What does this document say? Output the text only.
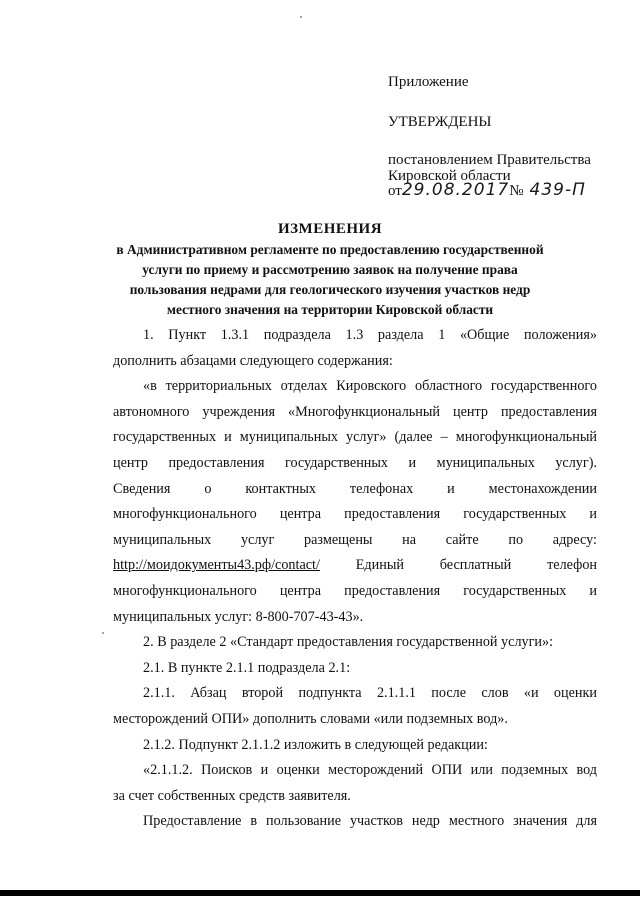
Приложение
УТВЕРЖДЕНЫ
постановлением Правительства
Кировской области
от 29.08.2017 № 439-П
ИЗМЕНЕНИЯ
в Административном регламенте по предоставлению государственной
услуги по приему и рассмотрению заявок на получение права
пользования недрами для геологического изучения участков недр
местного значения на территории Кировской области

1. Пункт 1.3.1 подраздела 1.3 раздела 1 «Общие положения»

дополнить абзацами следующего содержания:

«в территориальных отделах Кировского областного государственного

автономного учреждения «Многофункциональный центр предоставления

государственных и муниципальных услуг» (далее – многофункциональный

центр предоставления государственных и муниципальных услуг).

Сведения о контактных телефонах и местонахождении

многофункционального центра предоставления государственных и

муниципальных услуг размещены на сайте по адресу:

http://моидокументы43.рф/contact/	Единый бесплатный телефон

многофункционального центра предоставления государственных и

муниципальных услуг: 8-800-707-43-43».

2. В разделе 2 «Стандарт предоставления государственной услуги»:

2.1. В пункте 2.1.1 подраздела 2.1:

2.1.1. Абзац второй подпункта 2.1.1.1 после слов «и оценки

месторождений ОПИ» дополнить словами «или подземных вод».

2.1.2. Подпункт 2.1.1.2 изложить в следующей редакции:

«2.1.1.2. Поисков и оценки месторождений ОПИ или подземных вод

за счет собственных средств заявителя.

Предоставление в пользование участков недр местного значения для
